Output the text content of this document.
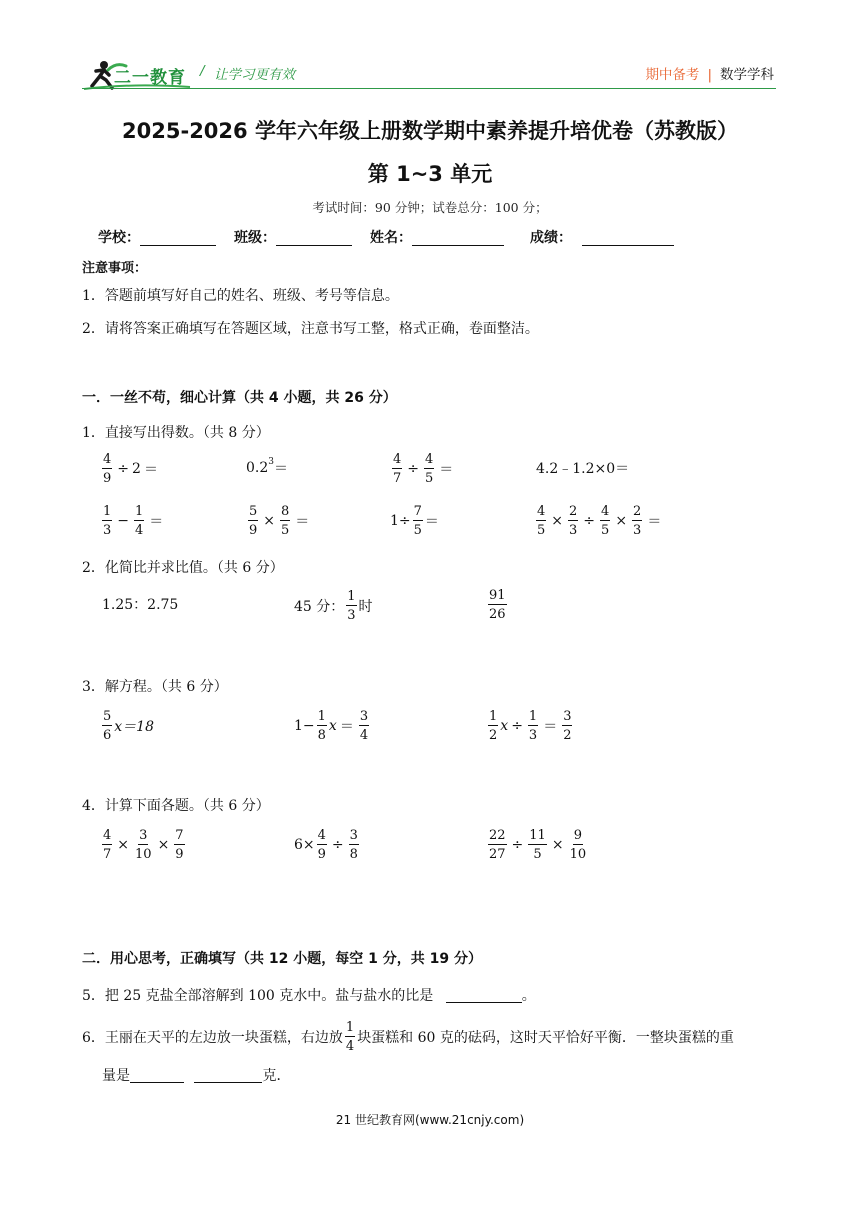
二一教育 / 让学习更有效	期中备考 | 数学学科
2025-2026 学年六年级上册数学期中素养提升培优卷（苏教版）
第 1~3 单元
考试时间：90 分钟；试卷总分：100 分；
学校：	班级：	姓名：	成绩：
注意事项：
1．答题前填写好自己的姓名、班级、考号等信息。
2．请将答案正确填写在答题区域，注意书写工整，格式正确，卷面整洁。
一．一丝不苟，细心计算（共 4 小题，共 26 分）
1．直接写出得数。（共 8 分）
$\frac{4}{9} \div 2$ ＝	$0.2^3$ ＝	$\frac{4}{7} \div \frac{4}{5}$ ＝	4.2﹣1.2×0＝
$\frac{1}{3} - \frac{1}{4}$ ＝	$\frac{5}{9} \times \frac{8}{5}$ ＝	$1\div \frac{7}{5}$ ＝	$\frac{4}{5} \times \frac{2}{3} \div \frac{4}{5} \times \frac{2}{3}$ ＝
2．化简比并求比值。（共 6 分）
1.25：2.75	45 分： $\frac{1}{3}$ 时	$\frac{91}{26}$
3．解方程。（共 6 分）
$\frac{5}{6} x=18$	$1- \frac{1}{8}$ $x = \frac{3}{4}$	$\frac{1}{2}$ $x \div \frac{1}{3} = \frac{3}{2}$
4．计算下面各题。（共 6 分）
$\frac{4}{7} \times \frac{3}{10} \times \frac{7}{9}$	$6\times \frac{4}{9} \div \frac{3}{8}$	$\frac{22}{27} \div \frac{11}{5} \times \frac{9}{10}$
二．用心思考，正确填写（共 12 小题，每空 1 分，共 19 分）
5．把 25 克盐全部溶解到 100 克水中。盐与盐水的比是	。
6．王丽在天平的左边放一块蛋糕，右边放 $\frac{1}{4}$ 块蛋糕和 60 克的砝码，这时天平恰好平衡．一整块蛋糕的重
量是	克．
21 世纪教育网(www.21cnjy.com)
